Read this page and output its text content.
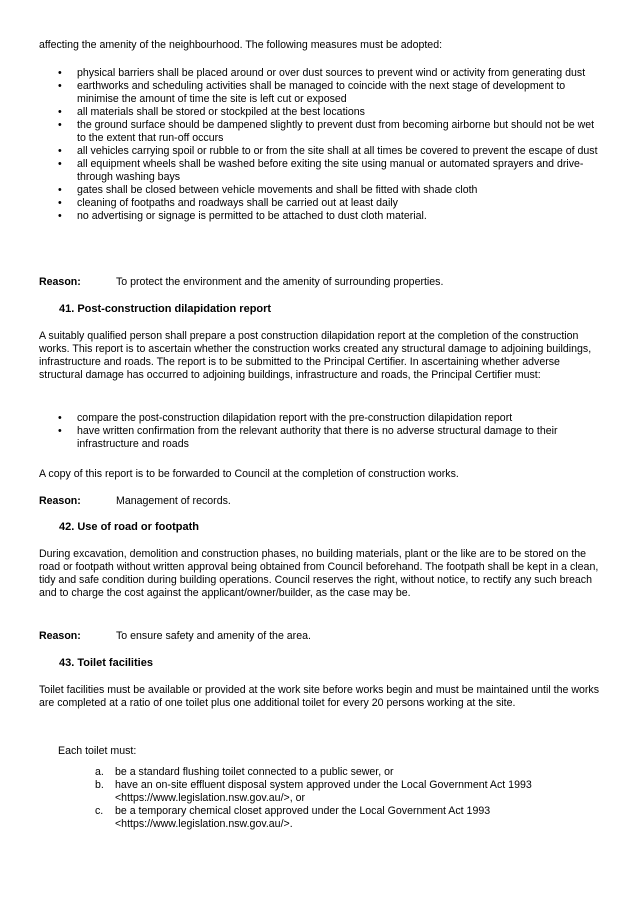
affecting the amenity of the neighbourhood. The following measures must be adopted:

• physical barriers shall be placed around or over dust sources to prevent wind or activity from generating dust
• earthworks and scheduling activities shall be managed to coincide with the next stage of development to minimise the amount of time the site is left cut or exposed
• all materials shall be stored or stockpiled at the best locations
• the ground surface should be dampened slightly to prevent dust from becoming airborne but should not be wet to the extent that run-off occurs
• all vehicles carrying spoil or rubble to or from the site shall at all times be covered to prevent the escape of dust
• all equipment wheels shall be washed before exiting the site using manual or automated sprayers and drive-through washing bays
• gates shall be closed between vehicle movements and shall be fitted with shade cloth
• cleaning of footpaths and roadways shall be carried out at least daily
• no advertising or signage is permitted to be attached to dust cloth material.
Reason:	To protect the environment and the amenity of surrounding properties.
41. Post-construction dilapidation report

A suitably qualified person shall prepare a post construction dilapidation report at the completion of the construction works. This report is to ascertain whether the construction works created any structural damage to adjoining buildings, infrastructure and roads. The report is to be submitted to the Principal Certifier. In ascertaining whether adverse structural damage has occurred to adjoining buildings, infrastructure and roads, the Principal Certifier must:

• compare the post-construction dilapidation report with the pre-construction dilapidation report
• have written confirmation from the relevant authority that there is no adverse structural damage to their infrastructure and roads

A copy of this report is to be forwarded to Council at the completion of construction works.

Reason:	Management of records.
42. Use of road or footpath

During excavation, demolition and construction phases, no building materials, plant or the like are to be stored on the road or footpath without written approval being obtained from Council beforehand. The footpath shall be kept in a clean, tidy and safe condition during building operations. Council reserves the right, without notice, to rectify any such breach and to charge the cost against the applicant/owner/builder, as the case may be.

Reason:	To ensure safety and amenity of the area.
43. Toilet facilities

Toilet facilities must be available or provided at the work site before works begin and must be maintained until the works are completed at a ratio of one toilet plus one additional toilet for every 20 persons working at the site.

Each toilet must:

a. be a standard flushing toilet connected to a public sewer, or
b. have an on-site effluent disposal system approved under the Local Government Act 1993 <https://www.legislation.nsw.gov.au/>, or
c. be a temporary chemical closet approved under the Local Government Act 1993 <https://www.legislation.nsw.gov.au/>.
